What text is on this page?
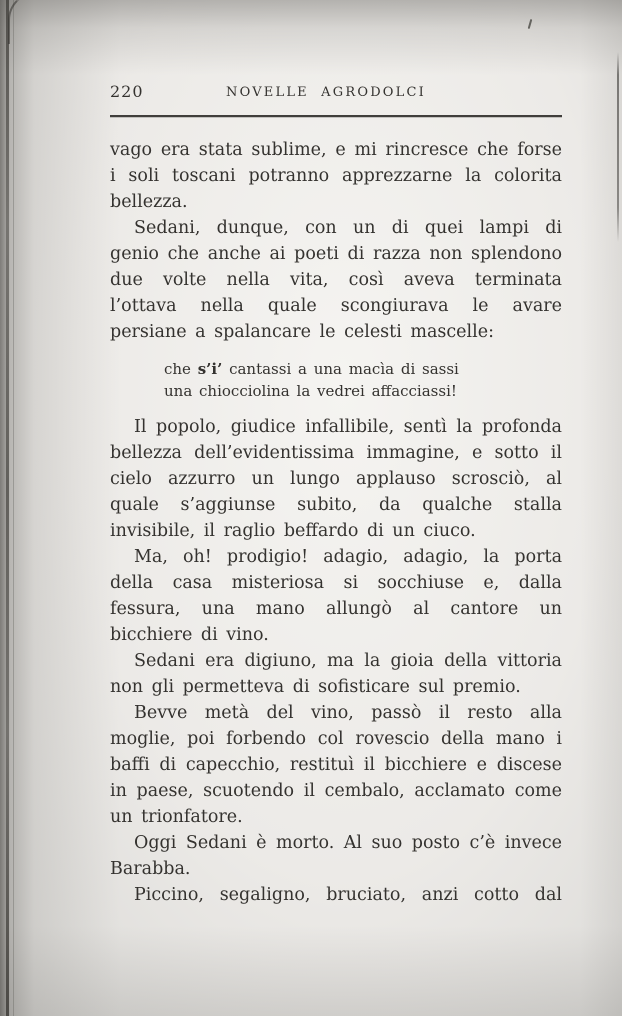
220	NOVELLE AGRODOLCI

vago era stata sublime, e mi rincresce che forse i soli toscani potranno apprezzarne la colorita bellezza.

Sedani, dunque, con un di quei lampi di genio che anche ai poeti di razza non splendono due volte nella vita, così aveva terminata l’ottava nella quale scongiurava le avare persiane a spalancare le celesti mascelle:

che s’i’ cantassi a una macìa di sassi
una chiocciolina la vedrei affacciassi!

Il popolo, giudice infallibile, sentì la profonda bellezza dell’evidentissima immagine, e sotto il cielo azzurro un lungo applauso scrosciò, al quale s’aggiunse subito, da qualche stalla invisibile, il raglio beffardo di un ciuco.

Ma, oh! prodigio! adagio, adagio, la porta della casa misteriosa si socchiuse e, dalla fessura, una mano allungò al cantore un bicchiere di vino.

Sedani era digiuno, ma la gioia della vittoria non gli permetteva di sofisticare sul premio.

Bevve metà del vino, passò il resto alla moglie, poi forbendo col rovescio della mano i baffi di capecchio, restituì il bicchiere e discese in paese, scuotendo il cembalo, acclamato come un trionfatore.

Oggi Sedani è morto. Al suo posto c’è invece Barabba.

Piccino, segaligno, bruciato, anzi cotto dal
